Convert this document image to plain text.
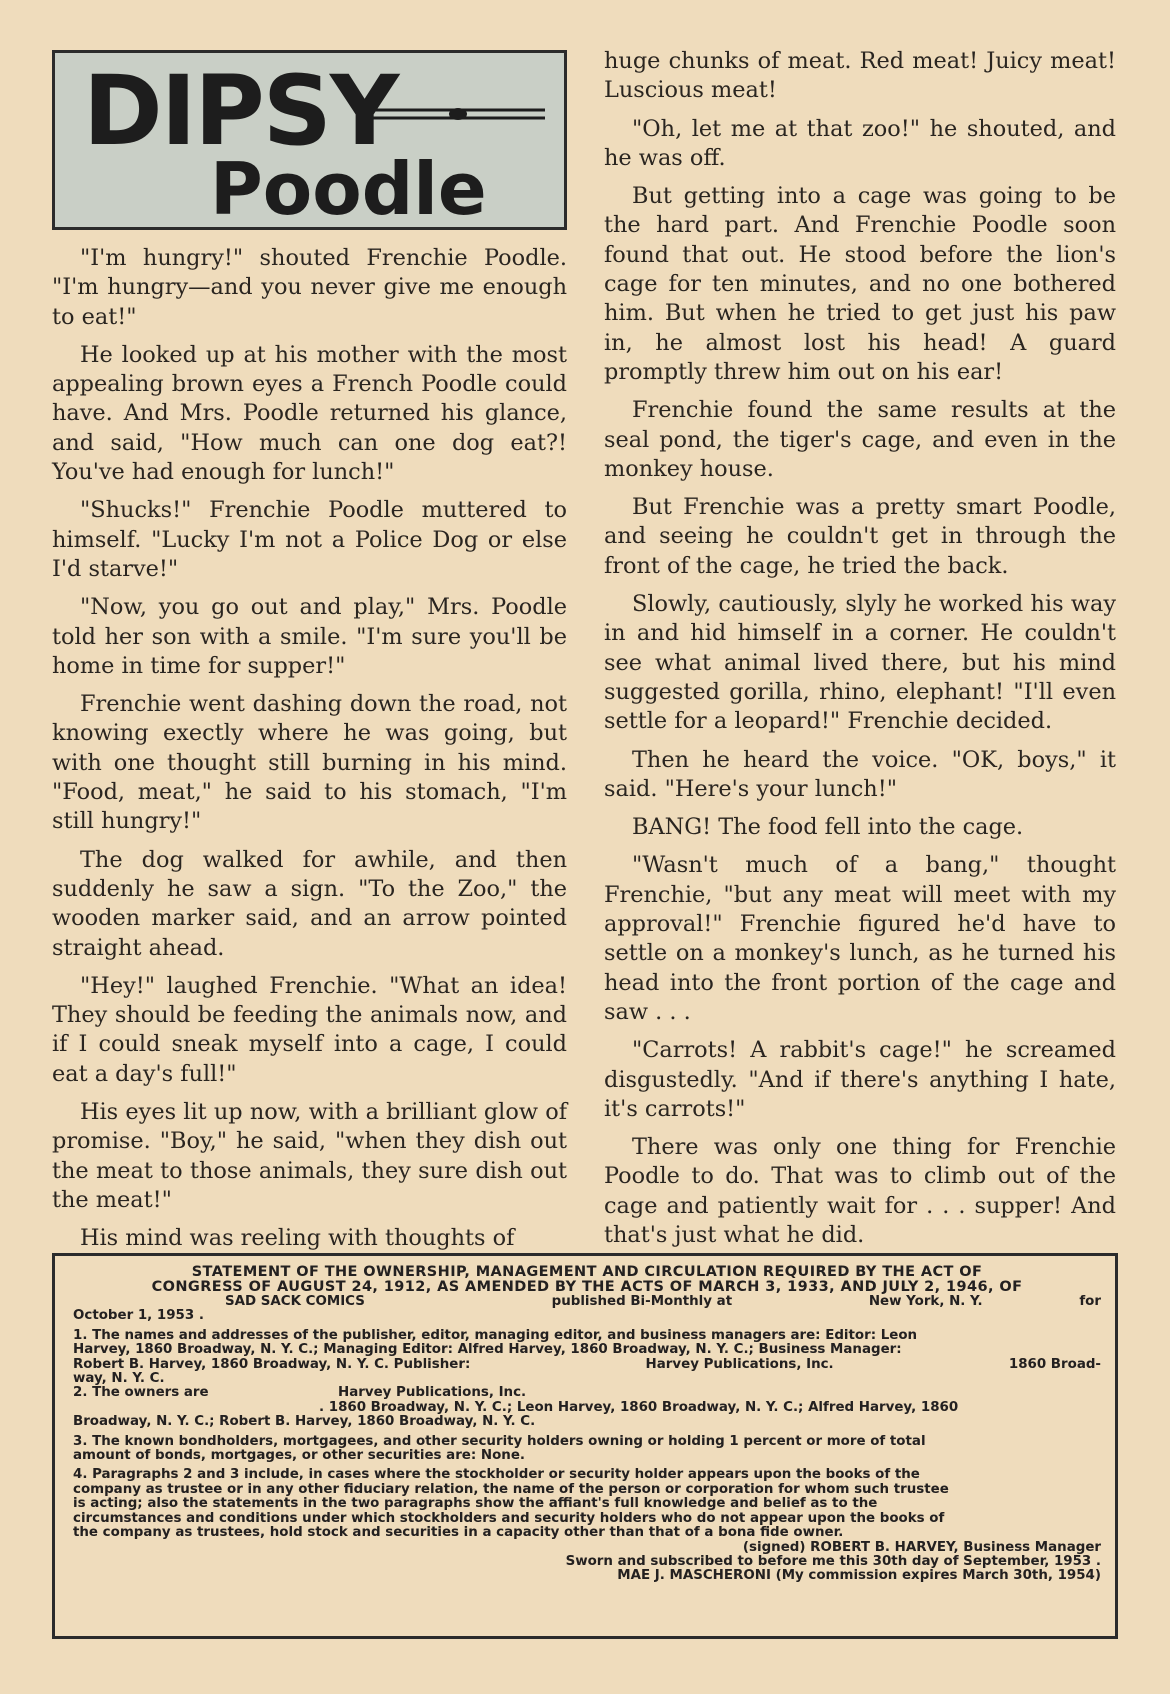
DIPSY
Poodle

"I'm hungry!" shouted Frenchie Poodle. "I'm hungry—and you never give me enough to eat!"

He looked up at his mother with the most appealing brown eyes a French Poodle could have. And Mrs. Poodle returned his glance, and said, "How much can one dog eat?! You've had enough for lunch!"

"Shucks!" Frenchie Poodle muttered to himself. "Lucky I'm not a Police Dog or else I'd starve!"

"Now, you go out and play," Mrs. Poodle told her son with a smile. "I'm sure you'll be home in time for supper!"

Frenchie went dashing down the road, not knowing exectly where he was going, but with one thought still burning in his mind. "Food, meat," he said to his stomach, "I'm still hungry!"

The dog walked for awhile, and then suddenly he saw a sign. "To the Zoo," the wooden marker said, and an arrow pointed straight ahead.

"Hey!" laughed Frenchie. "What an idea! They should be feeding the animals now, and if I could sneak myself into a cage, I could eat a day's full!"

His eyes lit up now, with a brilliant glow of promise. "Boy," he said, "when they dish out the meat to those animals, they sure dish out the meat!"

His mind was reeling with thoughts of

huge chunks of meat. Red meat! Juicy meat! Luscious meat!

"Oh, let me at that zoo!" he shouted, and he was off.

But getting into a cage was going to be the hard part. And Frenchie Poodle soon found that out. He stood before the lion's cage for ten minutes, and no one bothered him. But when he tried to get just his paw in, he almost lost his head! A guard promptly threw him out on his ear!

Frenchie found the same results at the seal pond, the tiger's cage, and even in the monkey house.

But Frenchie was a pretty smart Poodle, and seeing he couldn't get in through the front of the cage, he tried the back.

Slowly, cautiously, slyly he worked his way in and hid himself in a corner. He couldn't see what animal lived there, but his mind suggested gorilla, rhino, elephant! "I'll even settle for a leopard!" Frenchie decided.

Then he heard the voice. "OK, boys," it said. "Here's your lunch!"

BANG! The food fell into the cage.

"Wasn't much of a bang," thought Frenchie, "but any meat will meet with my approval!" Frenchie figured he'd have to settle on a monkey's lunch, as he turned his head into the front portion of the cage and saw . . .

"Carrots! A rabbit's cage!" he screamed disgustedly. "And if there's anything I hate, it's carrots!"

There was only one thing for Frenchie Poodle to do. That was to climb out of the cage and patiently wait for . . . supper! And that's just what he did.

STATEMENT OF THE OWNERSHIP, MANAGEMENT AND CIRCULATION REQUIRED BY THE ACT OF
CONGRESS OF AUGUST 24, 1912, AS AMENDED BY THE ACTS OF MARCH 3, 1933, AND JULY 2, 1946, OF
SAD SACK COMICS	published Bi-Monthly at	New York, N. Y.	for
October 1, 1953 .
1. The names and addresses of the publisher, editor, managing editor, and business managers are: Editor: Leon
Harvey, 1860 Broadway, N. Y. C.; Managing Editor: Alfred Harvey, 1860 Broadway, N. Y. C.; Business Manager:
Robert B. Harvey, 1860 Broadway, N. Y. C. Publisher:	Harvey Publications, Inc.	1860 Broad-
way, N. Y. C.
2. The owners are	Harvey Publications, Inc.
. 1860 Broadway, N. Y. C.; Leon Harvey, 1860 Broadway, N. Y. C.; Alfred Harvey, 1860
Broadway, N. Y. C.; Robert B. Harvey, 1860 Broadway, N. Y. C.
3. The known bondholders, mortgagees, and other security holders owning or holding 1 percent or more of total
amount of bonds, mortgages, or other securities are: None.
4. Paragraphs 2 and 3 include, in cases where the stockholder or security holder appears upon the books of the
company as trustee or in any other fiduciary relation, the name of the person or corporation for whom such trustee
is acting; also the statements in the two paragraphs show the affiant's full knowledge and belief as to the
circumstances and conditions under which stockholders and security holders who do not appear upon the books of
the company as trustees, hold stock and securities in a capacity other than that of a bona fide owner.
(signed) ROBERT B. HARVEY, Business Manager
Sworn and subscribed to before me this 30th day of September, 1953 .
MAE J. MASCHERONI (My commission expires March 30th, 1954)
